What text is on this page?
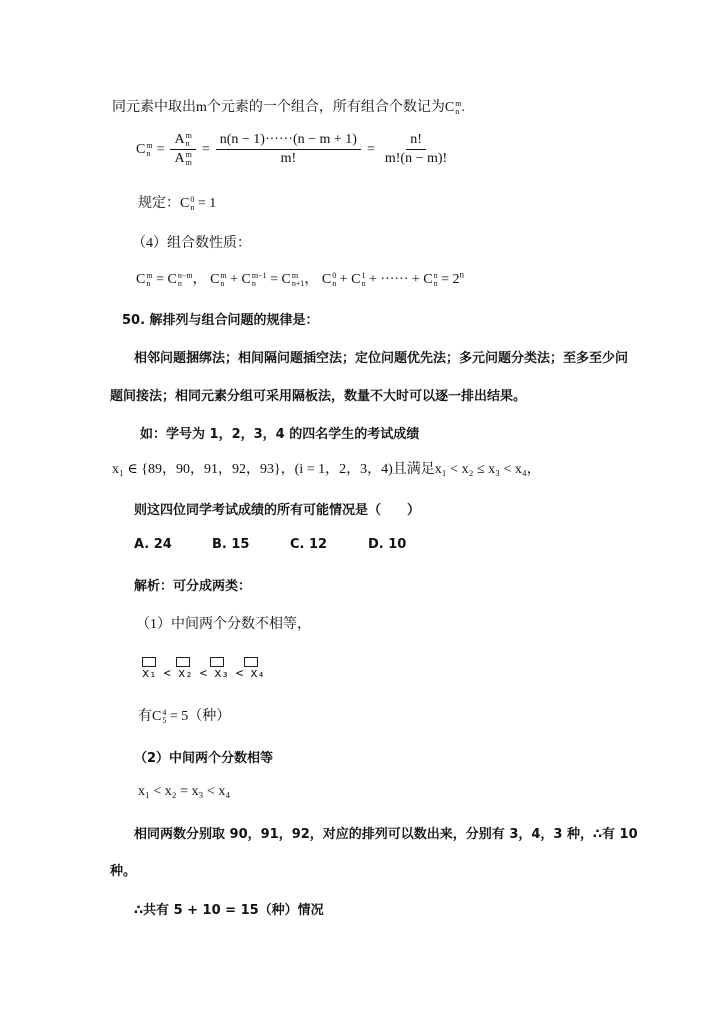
同元素中取出m个元素的一个组合，所有组合个数记为C m
n .
C m
n = A m
n
A m
$m = \frac{n(n - 1)\cdot\cdot\cdot\cdot\cdot\cdot(n - m + 1)}{m!} = \frac{n!}{m!(n - m)!}$
规定：C 0
n = 1
（4）组合数性质：
C m
n = C n−m
n ， C m
n + C m−1
n = C m
n+1 ， C 0
n + C 1
n + ······ + C n
$n = 2^n$
50. 解排列与组合问题的规律是：
相邻问题捆绑法；相间隔问题插空法；定位问题优先法；多元问题分类法；至多至少问
题间接法；相同元素分组可采用隔板法，数量不大时可以逐一排出结果。
如：学号为 1，2，3，4 的四名学生的考试成绩
x₁ ∈ {89，90，91，92，93}，(i = 1，2，3，4)且满足x₁ < x₂ ≤ x₃ < x₄，
则这四位同学考试成绩的所有可能情况是（　　）
A. 24	B. 15	C. 12	D. 10
解析：可分成两类：
（1）中间两个分数不相等，
x₁ < x₂ < x₃ < x₄
有C 4
5 = 5（种）
（2）中间两个分数相等
x₁ < x₂ = x₃ < x₄
相同两数分别取 90，91，92，对应的排列可以数出来，分别有 3，4，3 种，∴有 10
种。
∴共有 5 + 10 = 15（种）情况
